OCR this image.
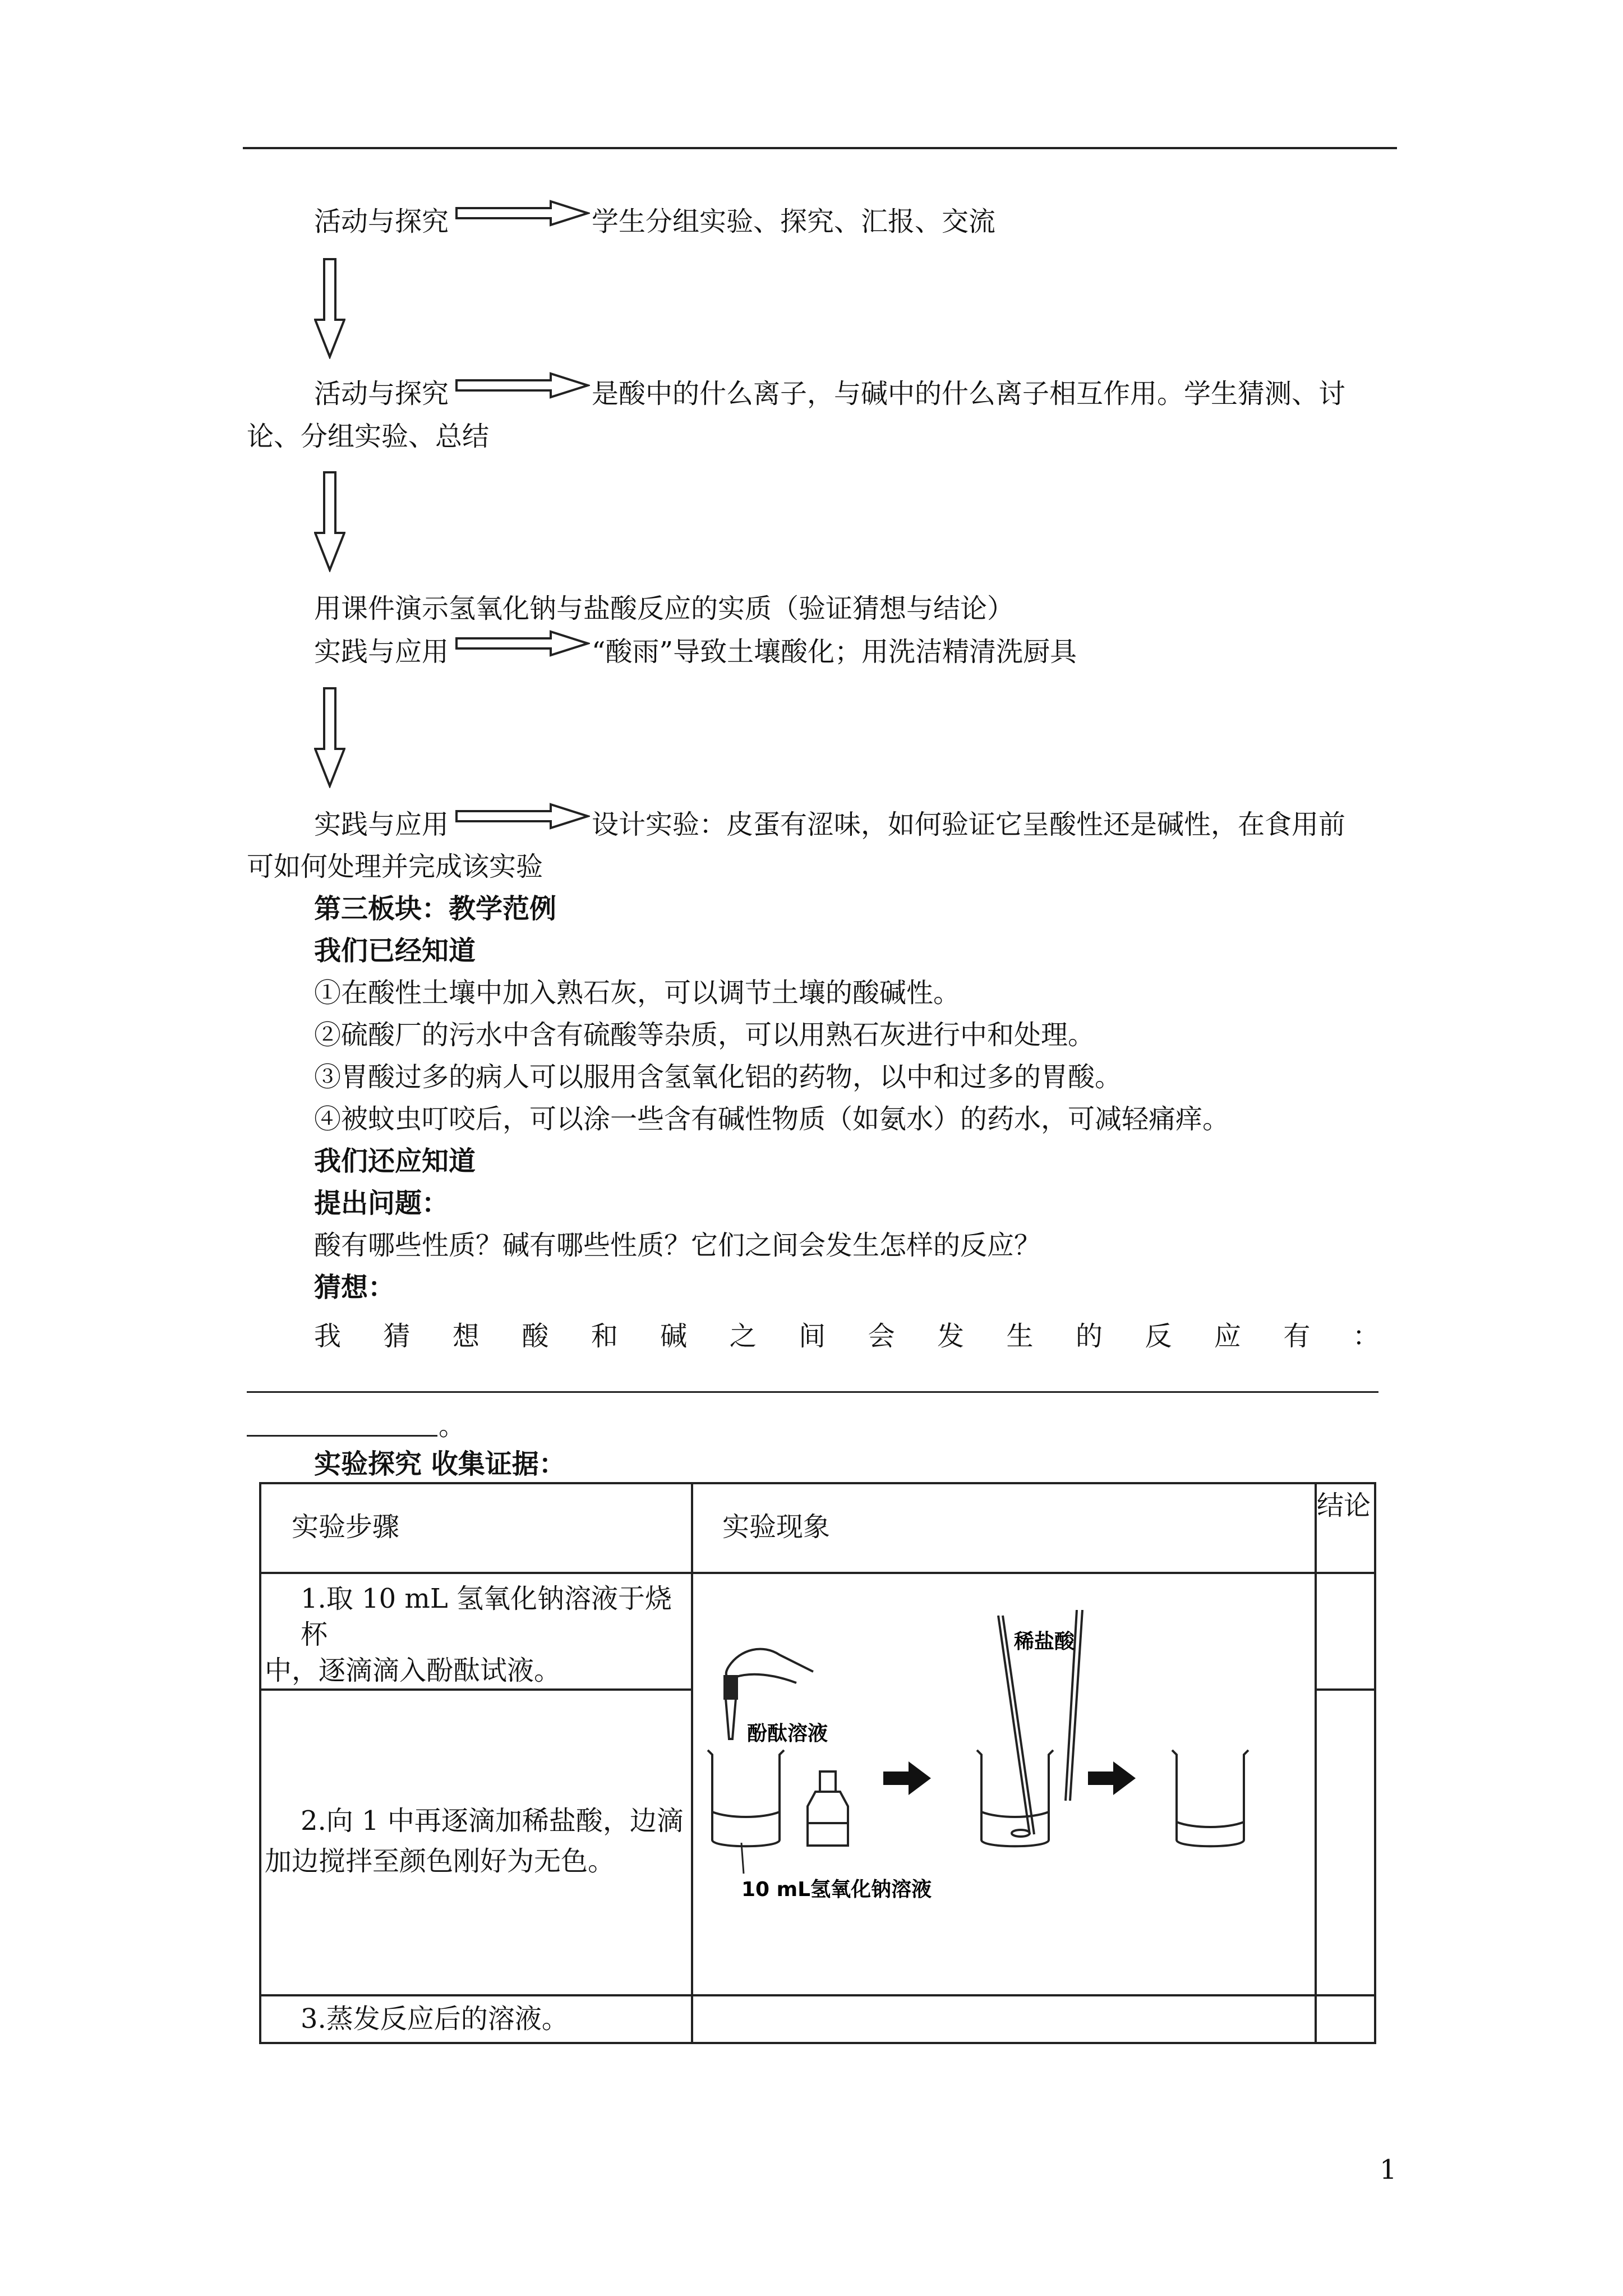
活动与探究	学生分组实验、探究、汇报、交流
活动与探究	是酸中的什么离子，与碱中的什么离子相互作用。学生猜测、讨
论、分组实验、总结
用课件演示氢氧化钠与盐酸反应的实质（验证猜想与结论）
实践与应用	“酸雨”导致土壤酸化；用洗洁精清洗厨具
实践与应用	设计实验：皮蛋有涩味，如何验证它呈酸性还是碱性，在食用前
可如何处理并完成该实验
第三板块：教学范例
我们已经知道
①在酸性土壤中加入熟石灰，可以调节土壤的酸碱性。
②硫酸厂的污水中含有硫酸等杂质，可以用熟石灰进行中和处理。
③胃酸过多的病人可以服用含氢氧化铝的药物，以中和过多的胃酸。
④被蚊虫叮咬后，可以涂一些含有碱性物质（如氨水）的药水，可减轻痛痒。
我们还应知道
提出问题：
酸有哪些性质？碱有哪些性质？它们之间会发生怎样的反应？
猜想：
我 猜 想 酸 和 碱 之 间 会 发 生 的 反 应 有 ：
。
实验探究 收集证据：
实验步骤	实验现象	结论

1.取 10 mL 氢氧化钠溶液于烧杯
中，逐滴滴入酚酞试液。		

2.向 1 中再逐滴加稀盐酸，边滴
加边搅拌至颜色刚好为无色。		

3.蒸发反应后的溶液。		

酚酞溶液
10 mL氢氧化钠溶液
稀盐酸
1
